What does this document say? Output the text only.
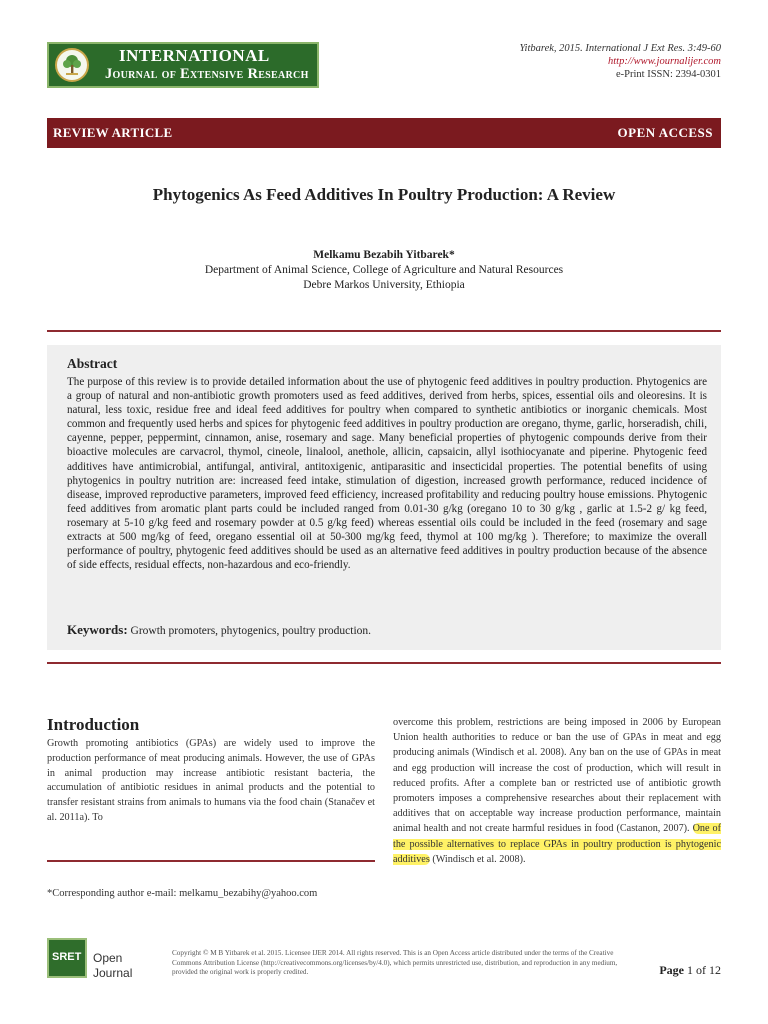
INTERNATIONAL
Journal of Extensive Research
Yitbarek, 2015. International J Ext Res. 3:49-60
http://www.journalijer.com
e-Print ISSN: 2394-0301
REVIEW ARTICLE	OPEN ACCESS
Phytogenics As Feed Additives In Poultry Production: A Review
Melkamu Bezabih Yitbarek*
Department of Animal Science, College of Agriculture and Natural Resources
Debre Markos University, Ethiopia
Abstract
The purpose of this review is to provide detailed information about the use of phytogenic feed additives in poultry production. Phytogenics are a group of natural and non-antibiotic growth promoters used as feed additives, derived from herbs, spices, essential oils and oleoresins. It is natural, less toxic, residue free and ideal feed additives for poultry when compared to synthetic antibiotics or inorganic chemicals. Most common and frequently used herbs and spices for phytogenic feed additives in poultry production are oregano, thyme, garlic, horseradish, chili, cayenne, pepper, peppermint, cinnamon, anise, rosemary and sage. Many beneficial properties of phytogenic compounds derive from their bioactive molecules are carvacrol, thymol, cineole, linalool, anethole, allicin, capsaicin, allyl isothiocyanate and piperine. Phytogenic feed additives have antimicrobial, antifungal, antiviral, antitoxigenic, antiparasitic and insecticidal properties. The potential benefits of using phytogenics in poultry nutrition are: increased feed intake, stimulation of digestion, increased growth performance, reduced incidence of disease, improved reproductive parameters, improved feed efficiency, increased profitability and reducing poultry house emissions. Phytogenic feed additives from aromatic plant parts could be included ranged from 0.01-30 g/kg (oregano 10 to 30 g/kg , garlic at 1.5-2 g/ kg feed, rosemary at 5-10 g/kg feed and rosemary powder at 0.5 g/kg feed) whereas essential oils could be included in the feed (rosemary and sage extracts at 500 mg/kg of feed, oregano essential oil at 50-300 mg/kg feed, thymol at 100 mg/kg ). Therefore; to maximize the overall performance of poultry, phytogenic feed additives should be used as an alternative feed additives in poultry production because of the absence of side effects, residual effects, non-hazardous and eco-friendly.
Keywords: Growth promoters, phytogenics, poultry production.
Introduction
Growth promoting antibiotics (GPAs) are widely used to improve the production performance of meat producing animals. However, the use of GPAs in animal production may increase antibiotic resistant bacteria, the accumulation of antibiotic residues in animal products and the potential to transfer resistant strains from animals to humans via the food chain (Stanačev et al. 2011a). To
overcome this problem, restrictions are being imposed in 2006 by European Union health authorities to reduce or ban the use of GPAs in meat and egg producing animals (Windisch et al. 2008). Any ban on the use of GPAs in meat and egg production will increase the cost of production, which will result in reduced profits. After a complete ban or restricted use of antibiotic growth promoters imposes a comprehensive researches about their replacement with additives that on acceptable way increase production performance, maintain animal health and not create harmful residues in food (Castanon, 2007). One of the possible alternatives to replace GPAs in poultry production is phytogenic additives (Windisch et al. 2008).
*Corresponding author e-mail: melkamu_bezabihy@yahoo.com
SRET Open
Journal
Copyright © M B Yitbarek et al. 2015. Licensee IJER 2014. All rights reserved. This is an Open Access article distributed under the terms of the Creative Commons Attribution License (http://creativecommons.org/licenses/by/4.0), which permits unrestricted use, distribution, and reproduction in any medium, provided the original work is properly credited.	Page 1 of 12
